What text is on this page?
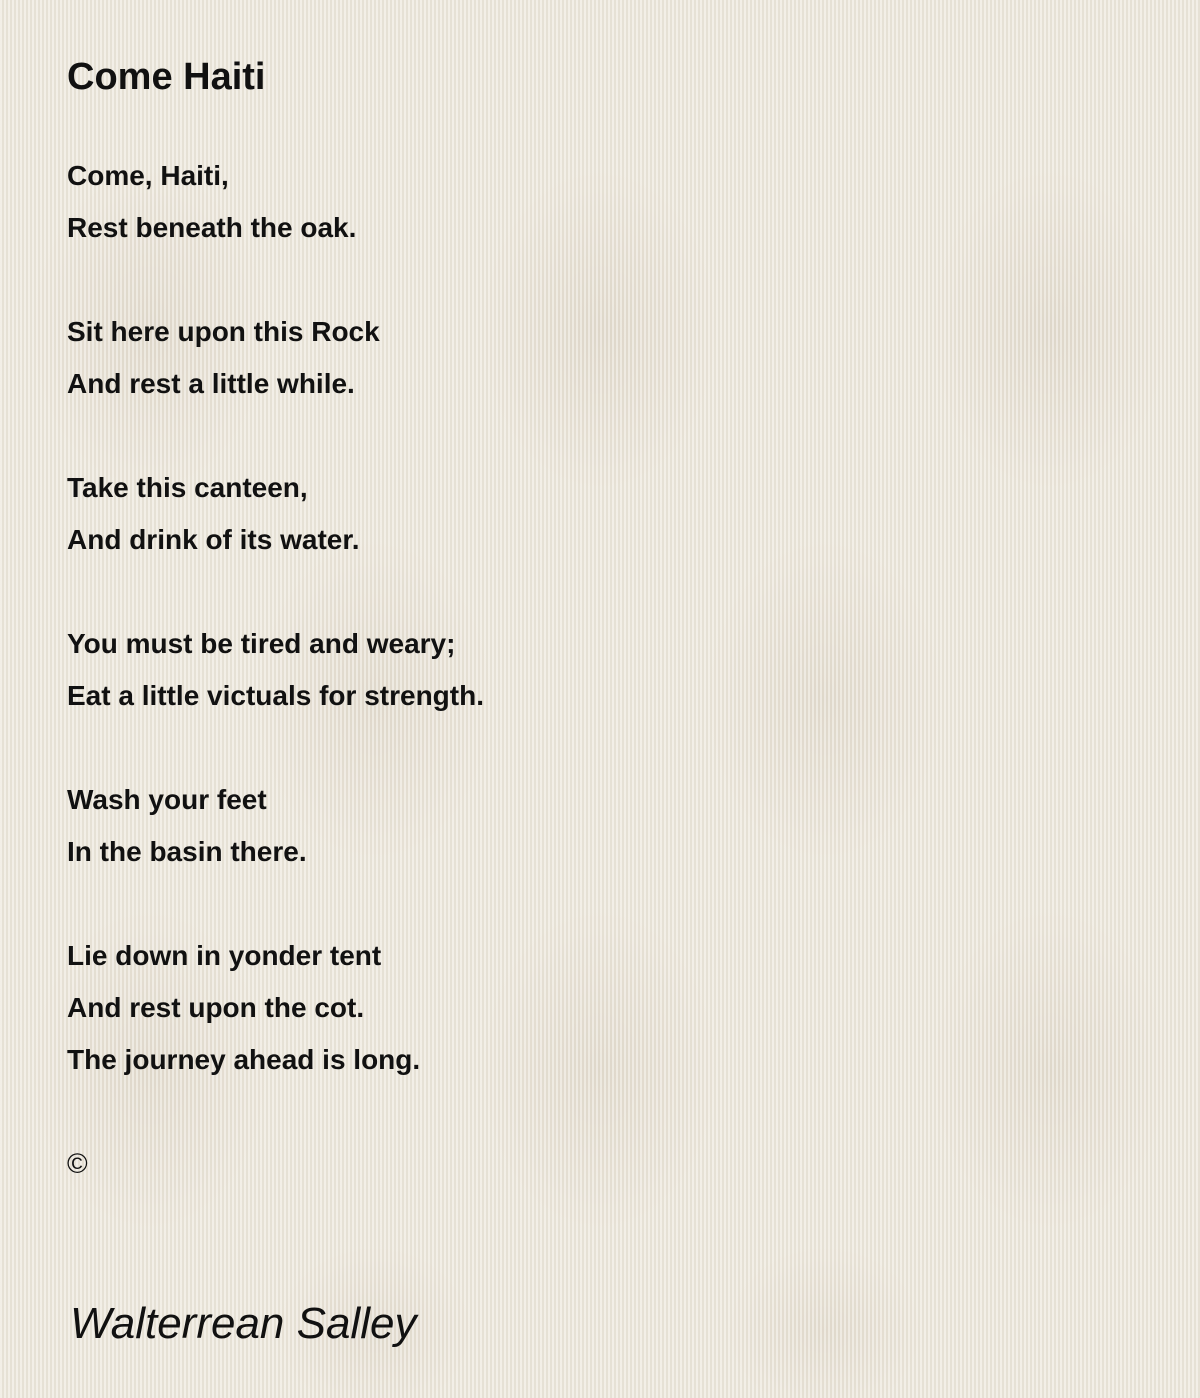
Come Haiti
Come, Haiti,
Rest beneath the oak.
Sit here upon this Rock
And rest a little while.
Take this canteen,
And drink of its water.
You must be tired and weary;
Eat a little victuals for strength.
Wash your feet
In the basin there.
Lie down in yonder tent
And rest upon the cot.
The journey ahead is long.
©
Walterrean Salley
